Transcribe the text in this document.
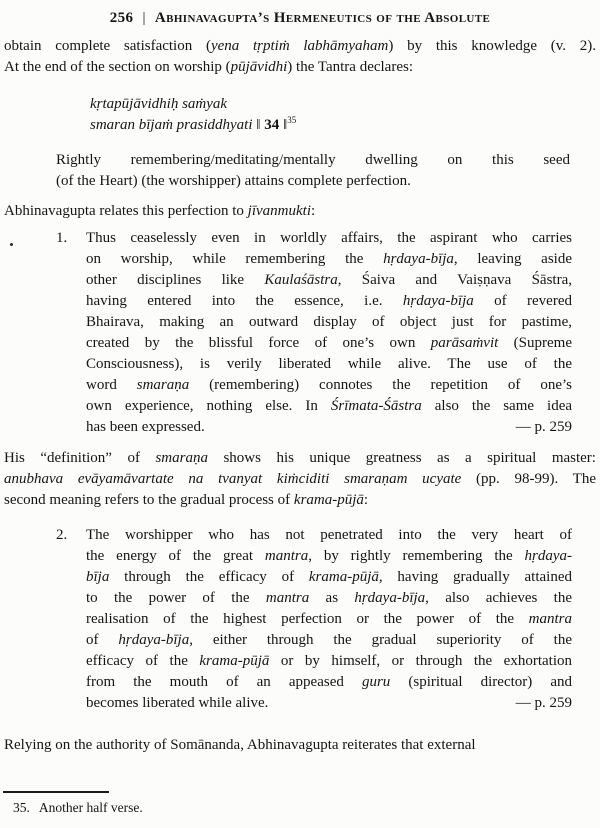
256 | Abhinavagupta’s Hermeneutics of the Absolute
obtain complete satisfaction (yena tṛptiṁ labhāmyaham) by this knowledge (v. 2).
At the end of the section on worship (pūjāvidhi) the Tantra declares:
kṛtapūjāvidhiḥ saṁyak
smaran bījaṁ prasiddhyati ‖ 34 ‖$^{35}$
Rightly remembering/meditating/mentally dwelling on this seed
(of the Heart) (the worshipper) attains complete perfection.
Abhinavagupta relates this perfection to jīvanmukti:
1.	Thus ceaselessly even in worldly affairs, the aspirant who carries
on worship, while remembering the hṛdaya-bīja, leaving aside
other disciplines like Kaulaśāstra, Śaiva and Vaiṣṇava Śāstra,
having entered into the essence, i.e. hṛdaya-bīja of revered
Bhairava, making an outward display of object just for pastime,
created by the blissful force of one’s own parāsaṁvit (Supreme
Consciousness), is verily liberated while alive. The use of the
word smaraṇa (remembering) connotes the repetition of one’s
own experience, nothing else. In Śrīmata-Śāstra also the same idea
— p. 259
has been expressed.
His “definition” of smaraṇa shows his unique greatness as a spiritual master:
anubhava evāyamāvartate na tvanyat kiṁciditi smaraṇam ucyate (pp. 98-99). The
second meaning refers to the gradual process of krama-pūjā:
2.	The worshipper who has not penetrated into the very heart of
the energy of the great mantra, by rightly remembering the hṛdaya-
bīja through the efficacy of krama-pūjā, having gradually attained
to the power of the mantra as hṛdaya-bīja, also achieves the
realisation of the highest perfection or the power of the mantra
of hṛdaya-bīja, either through the gradual superiority of the
efficacy of the krama-pūjā or by himself, or through the exhortation
from the mouth of an appeased guru (spiritual director) and
— p. 259
becomes liberated while alive.
Relying on the authority of Somānanda, Abhinavagupta reiterates that external
35. Another half verse.
